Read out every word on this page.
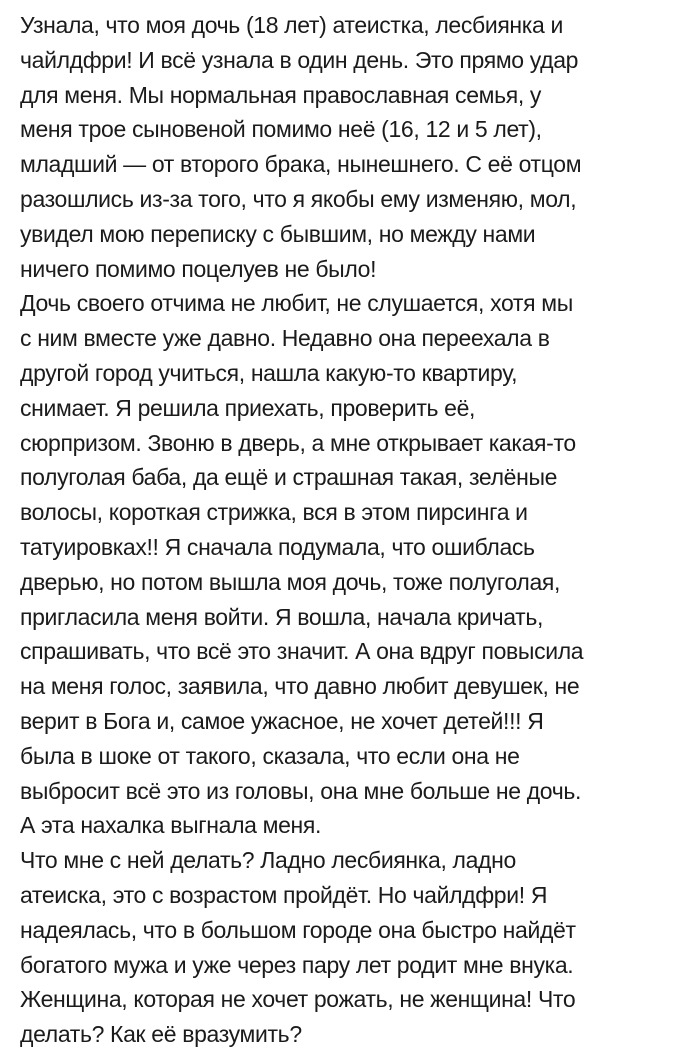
Узнала, что моя дочь (18 лет) атеистка, лесбиянка и
чайлдфри! И всё узнала в один день. Это прямо удар
для меня. Мы нормальная православная семья, у
меня трое сыновеной помимо неё (16, 12 и 5 лет),
младший — от второго брака, нынешнего. С её отцом
разошлись из-за того, что я якобы ему изменяю, мол,
увидел мою переписку с бывшим, но между нами
ничего помимо поцелуев не было!
Дочь своего отчима не любит, не слушается, хотя мы
с ним вместе уже давно. Недавно она переехала в
другой город учиться, нашла какую-то квартиру,
снимает. Я решила приехать, проверить её,
сюрпризом. Звоню в дверь, а мне открывает какая-то
полуголая баба, да ещё и страшная такая, зелёные
волосы, короткая стрижка, вся в этом пирсинга и
татуировках!! Я сначала подумала, что ошиблась
дверью, но потом вышла моя дочь, тоже полуголая,
пригласила меня войти. Я вошла, начала кричать,
спрашивать, что всё это значит. А она вдруг повысила
на меня голос, заявила, что давно любит девушек, не
верит в Бога и, самое ужасное, не хочет детей!!! Я
была в шоке от такого, сказала, что если она не
выбросит всё это из головы, она мне больше не дочь.
А эта нахалка выгнала меня.
Что мне с ней делать? Ладно лесбиянка, ладно
атеиска, это с возрастом пройдёт. Но чайлдфри! Я
надеялась, что в большом городе она быстро найдёт
богатого мужа и уже через пару лет родит мне внука.
Женщина, которая не хочет рожать, не женщина! Что
делать? Как её вразумить?
